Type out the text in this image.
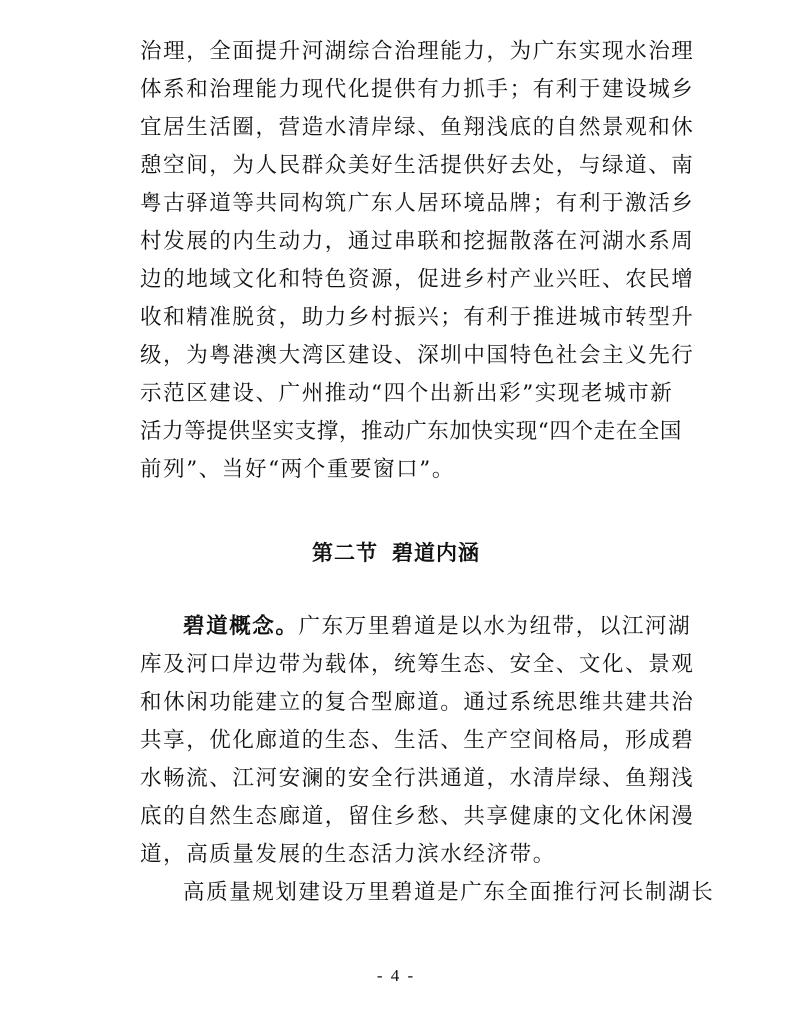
治理，全面提升河湖综合治理能力，为广东实现水治理
体系和治理能力现代化提供有力抓手；有利于建设城乡
宜居生活圈，营造水清岸绿、鱼翔浅底的自然景观和休
憩空间，为人民群众美好生活提供好去处，与绿道、南
粤古驿道等共同构筑广东人居环境品牌；有利于激活乡
村发展的内生动力，通过串联和挖掘散落在河湖水系周
边的地域文化和特色资源，促进乡村产业兴旺、农民增
收和精准脱贫，助力乡村振兴；有利于推进城市转型升
级，为粤港澳大湾区建设、深圳中国特色社会主义先行
示范区建设、广州推动“四个出新出彩”实现老城市新
活力等提供坚实支撑，推动广东加快实现“四个走在全国
前列”、当好“两个重要窗口”。
第二节 碧道内涵
碧道概念。广东万里碧道是以水为纽带，以江河湖
库及河口岸边带为载体，统筹生态、安全、文化、景观
和休闲功能建立的复合型廊道。通过系统思维共建共治
共享，优化廊道的生态、生活、生产空间格局，形成碧
水畅流、江河安澜的安全行洪通道，水清岸绿、鱼翔浅
底的自然生态廊道，留住乡愁、共享健康的文化休闲漫
道，高质量发展的生态活力滨水经济带。
高质量规划建设万里碧道是广东全面推行河长制湖长
- 4 -
